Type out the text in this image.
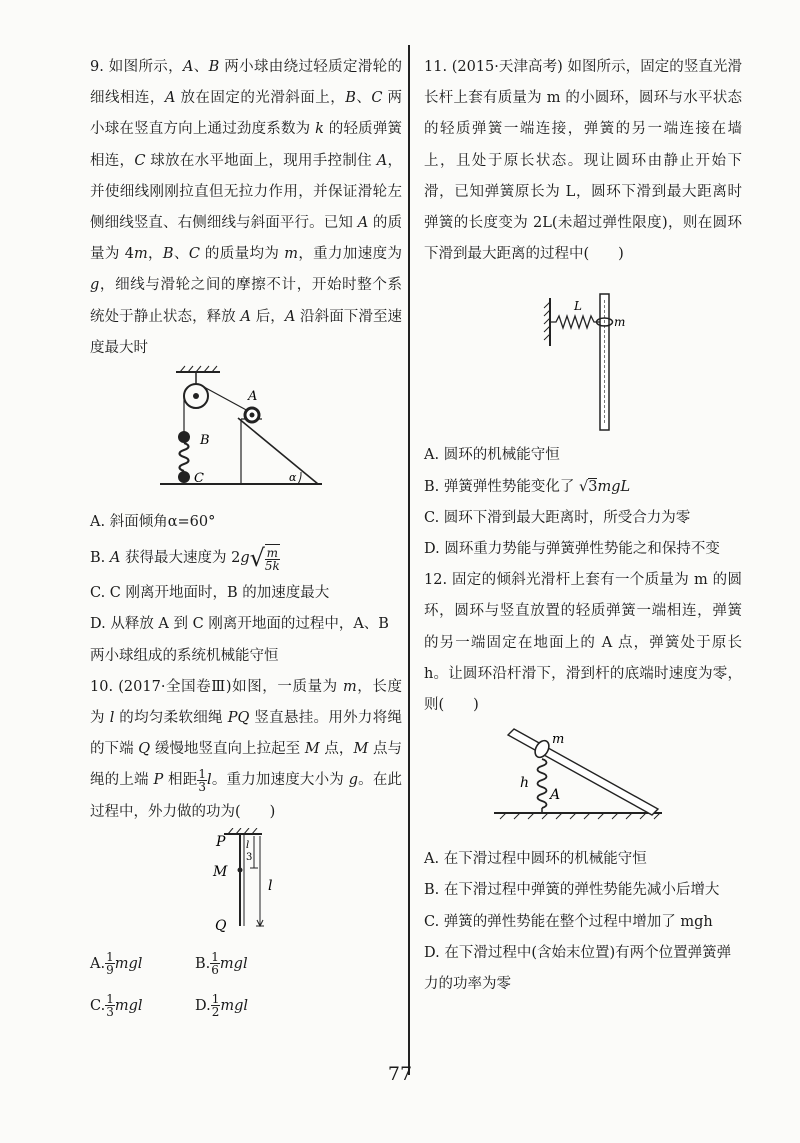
9. 如图所示，A、B 两小球由绕过轻质定滑轮的细线相连，A 放在固定的光滑斜面上，B、C 两小球在竖直方向上通过劲度系数为 k 的轻质弹簧相连，C 球放在水平地面上，现用手控制住 A，并使细线刚刚拉直但无拉力作用，并保证滑轮左侧细线竖直、右侧细线与斜面平行。已知 A 的质量为 4m，B、C 的质量均为 m，重力加速度为 g，细线与滑轮之间的摩擦不计，开始时整个系统处于静止状态，释放 A 后，A 沿斜面下滑至速度最大时

B
C
A
α

A. 斜面倾角α=60°

B. A 获得最大速度为 $2g√ \frac{m}{5k}$

C. C 刚离开地面时，B 的加速度最大

D. 从释放 A 到 C 刚离开地面的过程中，A、B 两小球组成的系统机械能守恒

10. (2017·全国卷Ⅲ)如图，一质量为 m，长度为 l 的均匀柔软细绳 PQ 竖直悬挂。用外力将绳的下端 Q 缓慢地竖直向上拉起至 M 点，M 点与绳的上端 P 相距 $\frac{1}{3}$ l。重力加速度大小为 g。在此过程中，外力做的功为(　　)

P
M
Q
l
l
3
A. $\frac{1}{9}$ mgl	B. $\frac{1}{6}$ mgl
C. $\frac{1}{3}$ mgl	D. $\frac{1}{2}$ mgl

11. (2015·天津高考) 如图所示，固定的竖直光滑长杆上套有质量为 m 的小圆环，圆环与水平状态的轻质弹簧一端连接，弹簧的另一端连接在墙上，且处于原长状态。现让圆环由静止开始下滑，已知弹簧原长为 L，圆环下滑到最大距离时弹簧的长度变为 2L(未超过弹性限度)，则在圆环下滑到最大距离的过程中(　　)

L
m

A. 圆环的机械能守恒

B. 弹簧弹性势能变化了 √3mgL

C. 圆环下滑到最大距离时，所受合力为零

D. 圆环重力势能与弹簧弹性势能之和保持不变

12. 固定的倾斜光滑杆上套有一个质量为 m 的圆环，圆环与竖直放置的轻质弹簧一端相连，弹簧的另一端固定在地面上的 A 点，弹簧处于原长 h。让圆环沿杆滑下，滑到杆的底端时速度为零，则(　　)

m
h
A

A. 在下滑过程中圆环的机械能守恒

B. 在下滑过程中弹簧的弹性势能先减小后增大

C. 弹簧的弹性势能在整个过程中增加了 mgh

D. 在下滑过程中(含始末位置)有两个位置弹簧弹力的功率为零

77
